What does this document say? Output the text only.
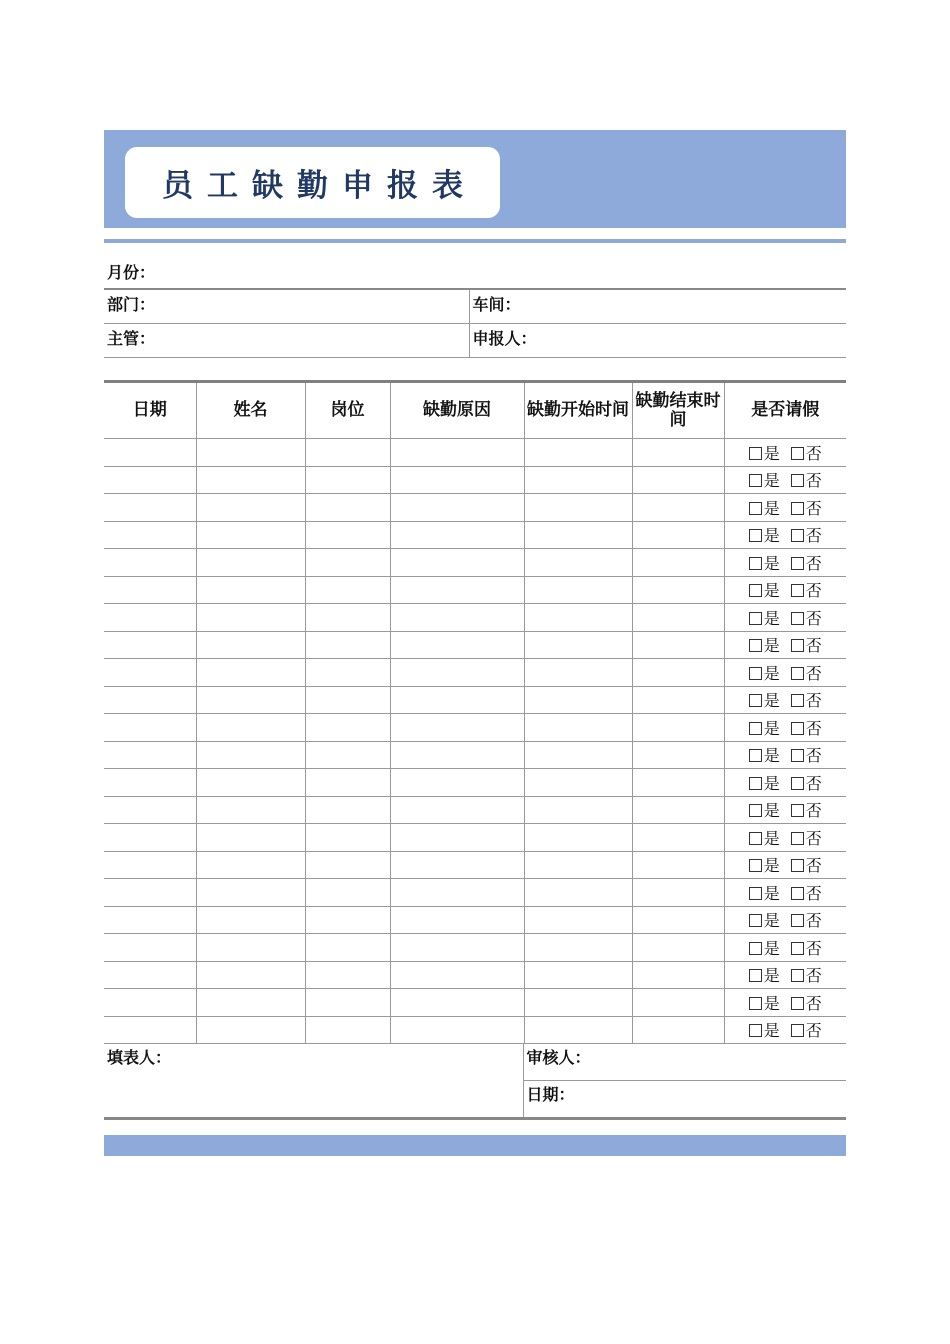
员工缺勤申报表
月份：	
部门：	车间：
主管：	申报人：
日期	姓名	岗位	缺勤原因	缺勤开始时间	缺勤结束时间	是否请假
						是 否
						是 否
						是 否
						是 否
						是 否
						是 否
						是 否
						是 否
						是 否
						是 否
						是 否
						是 否
						是 否
						是 否
						是 否
						是 否
						是 否
						是 否
						是 否
						是 否
						是 否
						是 否
填表人：	审核人：
	日期：
